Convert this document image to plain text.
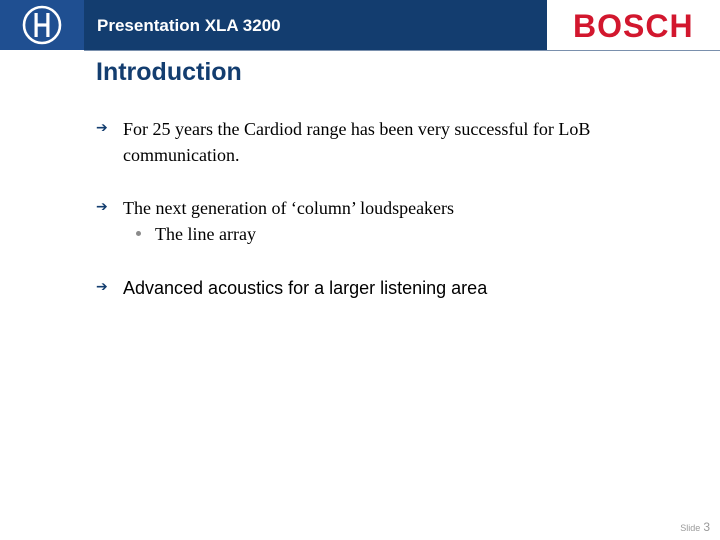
Presentation XLA 3200	BOSCH
Introduction
➔ For 25 years the Cardiod range has been very successful for LoB communication.
➔ The next generation of ‘column’ loudspeakers
The line array
➔ Advanced acoustics for a larger listening area
Slide 3
